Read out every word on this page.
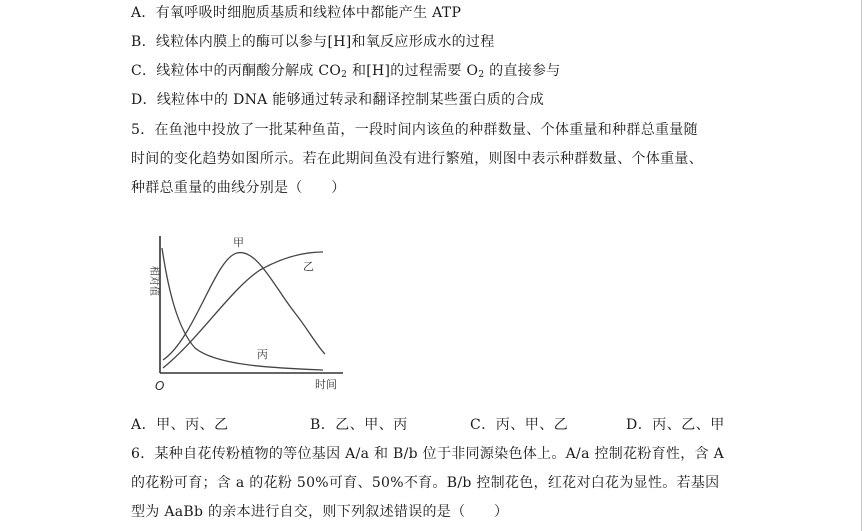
A．有氧呼吸时细胞质基质和线粒体中都能产生 ATP
B．线粒体内膜上的酶可以参与[H]和氧反应形成水的过程
C．线粒体中的丙酮酸分解成 $CO_2$ 和[H]的过程需要 $O_2$ 的直接参与
D．线粒体中的 DNA 能够通过转录和翻译控制某些蛋白质的合成
5．在鱼池中投放了一批某种鱼苗，一段时间内该鱼的种群数量、个体重量和种群总重量随
时间的变化趋势如图所示。若在此期间鱼没有进行繁殖，则图中表示种群数量、个体重量、
种群总重量的曲线分别是（　　）
相对值
时间
O
甲
乙
丙
A．甲、丙、乙	B．乙、甲、丙	C．丙、甲、乙	D．丙、乙、甲
6．某种自花传粉植物的等位基因 A/a 和 B/b 位于非同源染色体上。A/a 控制花粉育性，含 A
的花粉可育；含 a 的花粉 50%可育、50%不育。B/b 控制花色，红花对白花为显性。若基因
型为 AaBb 的亲本进行自交，则下列叙述错误的是（　　）
